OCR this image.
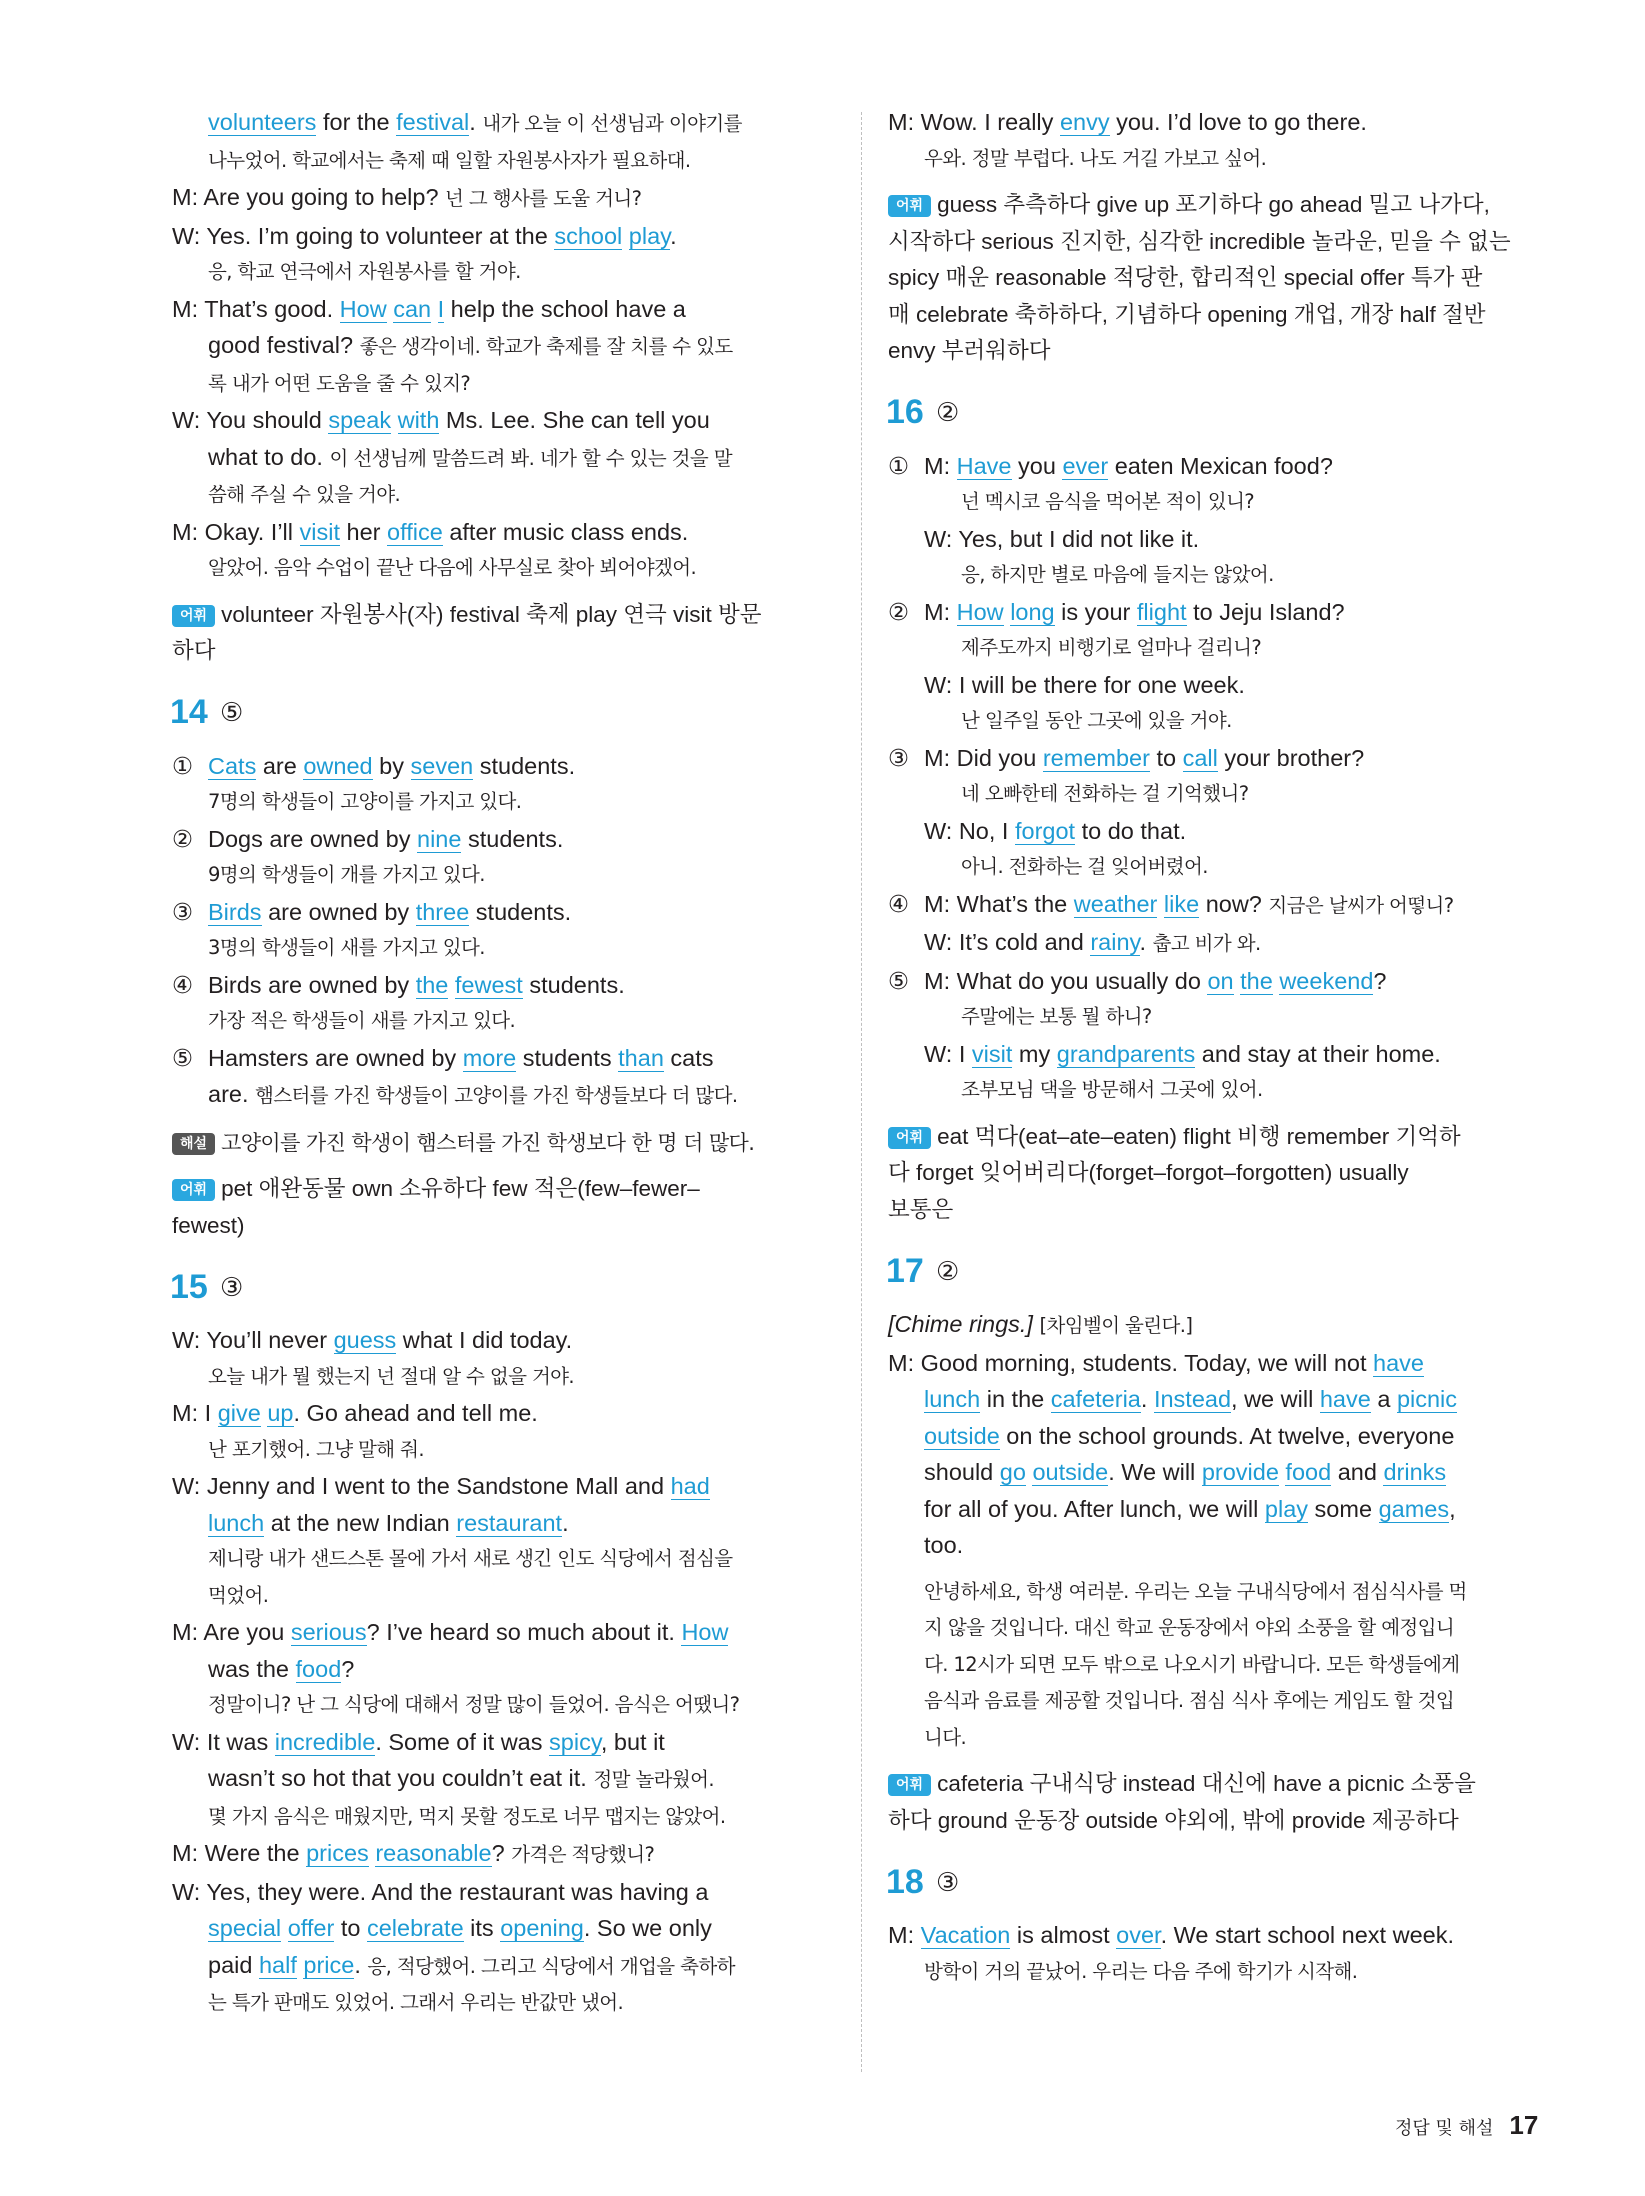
volunteers for the festival. 내가 오늘 이 선생님과 이야기를
나누었어. 학교에서는 축제 때 일할 자원봉사자가 필요하대.
M: Are you going to help? 넌 그 행사를 도울 거니?
W: Yes. I’m going to volunteer at the school play.
응, 학교 연극에서 자원봉사를 할 거야.
M: That’s good. How can I help the school have a
good festival? 좋은 생각이네. 학교가 축제를 잘 치를 수 있도
록 내가 어떤 도움을 줄 수 있지?
W: You should speak with Ms. Lee. She can tell you
what to do. 이 선생님께 말씀드려 봐. 네가 할 수 있는 것을 말
씀해 주실 수 있을 거야.
M: Okay. I’ll visit her office after music class ends.
알았어. 음악 수업이 끝난 다음에 사무실로 찾아 뵈어야겠어.
어휘 volunteer 자원봉사(자) festival 축제 play 연극 visit 방문
하다
14 ⑤
① Cats are owned by seven students.
7명의 학생들이 고양이를 가지고 있다.
② Dogs are owned by nine students.
9명의 학생들이 개를 가지고 있다.
③ Birds are owned by three students.
3명의 학생들이 새를 가지고 있다.
④ Birds are owned by the fewest students.
가장 적은 학생들이 새를 가지고 있다.
⑤ Hamsters are owned by more students than cats
are. 햄스터를 가진 학생들이 고양이를 가진 학생들보다 더 많다.
해설 고양이를 가진 학생이 햄스터를 가진 학생보다 한 명 더 많다.
어휘 pet 애완동물 own 소유하다 few 적은(few–fewer–
fewest)
15 ③
W: You’ll never guess what I did today.
오늘 내가 뭘 했는지 넌 절대 알 수 없을 거야.
M: I give up. Go ahead and tell me.
난 포기했어. 그냥 말해 줘.
W: Jenny and I went to the Sandstone Mall and had
lunch at the new Indian restaurant.
제니랑 내가 샌드스톤 몰에 가서 새로 생긴 인도 식당에서 점심을
먹었어.
M: Are you serious? I’ve heard so much about it. How
was the food?
정말이니? 난 그 식당에 대해서 정말 많이 들었어. 음식은 어땠니?
W: It was incredible. Some of it was spicy, but it
wasn’t so hot that you couldn’t eat it. 정말 놀라웠어.
몇 가지 음식은 매웠지만, 먹지 못할 정도로 너무 맵지는 않았어.
M: Were the prices reasonable? 가격은 적당했니?
W: Yes, they were. And the restaurant was having a
special offer to celebrate its opening. So we only
paid half price. 응, 적당했어. 그리고 식당에서 개업을 축하하
는 특가 판매도 있었어. 그래서 우리는 반값만 냈어.
M: Wow. I really envy you. I’d love to go there.
우와. 정말 부럽다. 나도 거길 가보고 싶어.
어휘 guess 추측하다 give up 포기하다 go ahead 밀고 나가다,
시작하다 serious 진지한, 심각한 incredible 놀라운, 믿을 수 없는
spicy 매운 reasonable 적당한, 합리적인 special offer 특가 판
매 celebrate 축하하다, 기념하다 opening 개업, 개장 half 절반
envy 부러워하다
16 ②
① M: Have you ever eaten Mexican food?
넌 멕시코 음식을 먹어본 적이 있니?
W: Yes, but I did not like it.
응, 하지만 별로 마음에 들지는 않았어.
② M: How long is your flight to Jeju Island?
제주도까지 비행기로 얼마나 걸리니?
W: I will be there for one week.
난 일주일 동안 그곳에 있을 거야.
③ M: Did you remember to call your brother?
네 오빠한테 전화하는 걸 기억했니?
W: No, I forgot to do that.
아니. 전화하는 걸 잊어버렸어.
④ M: What’s the weather like now? 지금은 날씨가 어떻니?
W: It’s cold and rainy. 춥고 비가 와.
⑤ M: What do you usually do on the weekend?
주말에는 보통 뭘 하니?
W: I visit my grandparents and stay at their home.
조부모님 댁을 방문해서 그곳에 있어.
어휘 eat 먹다(eat–ate–eaten) flight 비행 remember 기억하
다 forget 잊어버리다(forget–forgot–forgotten) usually
보통은
17 ②
[Chime rings.] [차임벨이 울린다.]
M: Good morning, students. Today, we will not have
lunch in the cafeteria. Instead, we will have a picnic
outside on the school grounds. At twelve, everyone
should go outside. We will provide food and drinks
for all of you. After lunch, we will play some games,
too.
안녕하세요, 학생 여러분. 우리는 오늘 구내식당에서 점심식사를 먹
지 않을 것입니다. 대신 학교 운동장에서 야외 소풍을 할 예정입니
다. 12시가 되면 모두 밖으로 나오시기 바랍니다. 모든 학생들에게
음식과 음료를 제공할 것입니다. 점심 식사 후에는 게임도 할 것입
니다.
어휘 cafeteria 구내식당 instead 대신에 have a picnic 소풍을
하다 ground 운동장 outside 야외에, 밖에 provide 제공하다
18 ③
M: Vacation is almost over. We start school next week.
방학이 거의 끝났어. 우리는 다음 주에 학기가 시작해.
정답 및 해설 17
